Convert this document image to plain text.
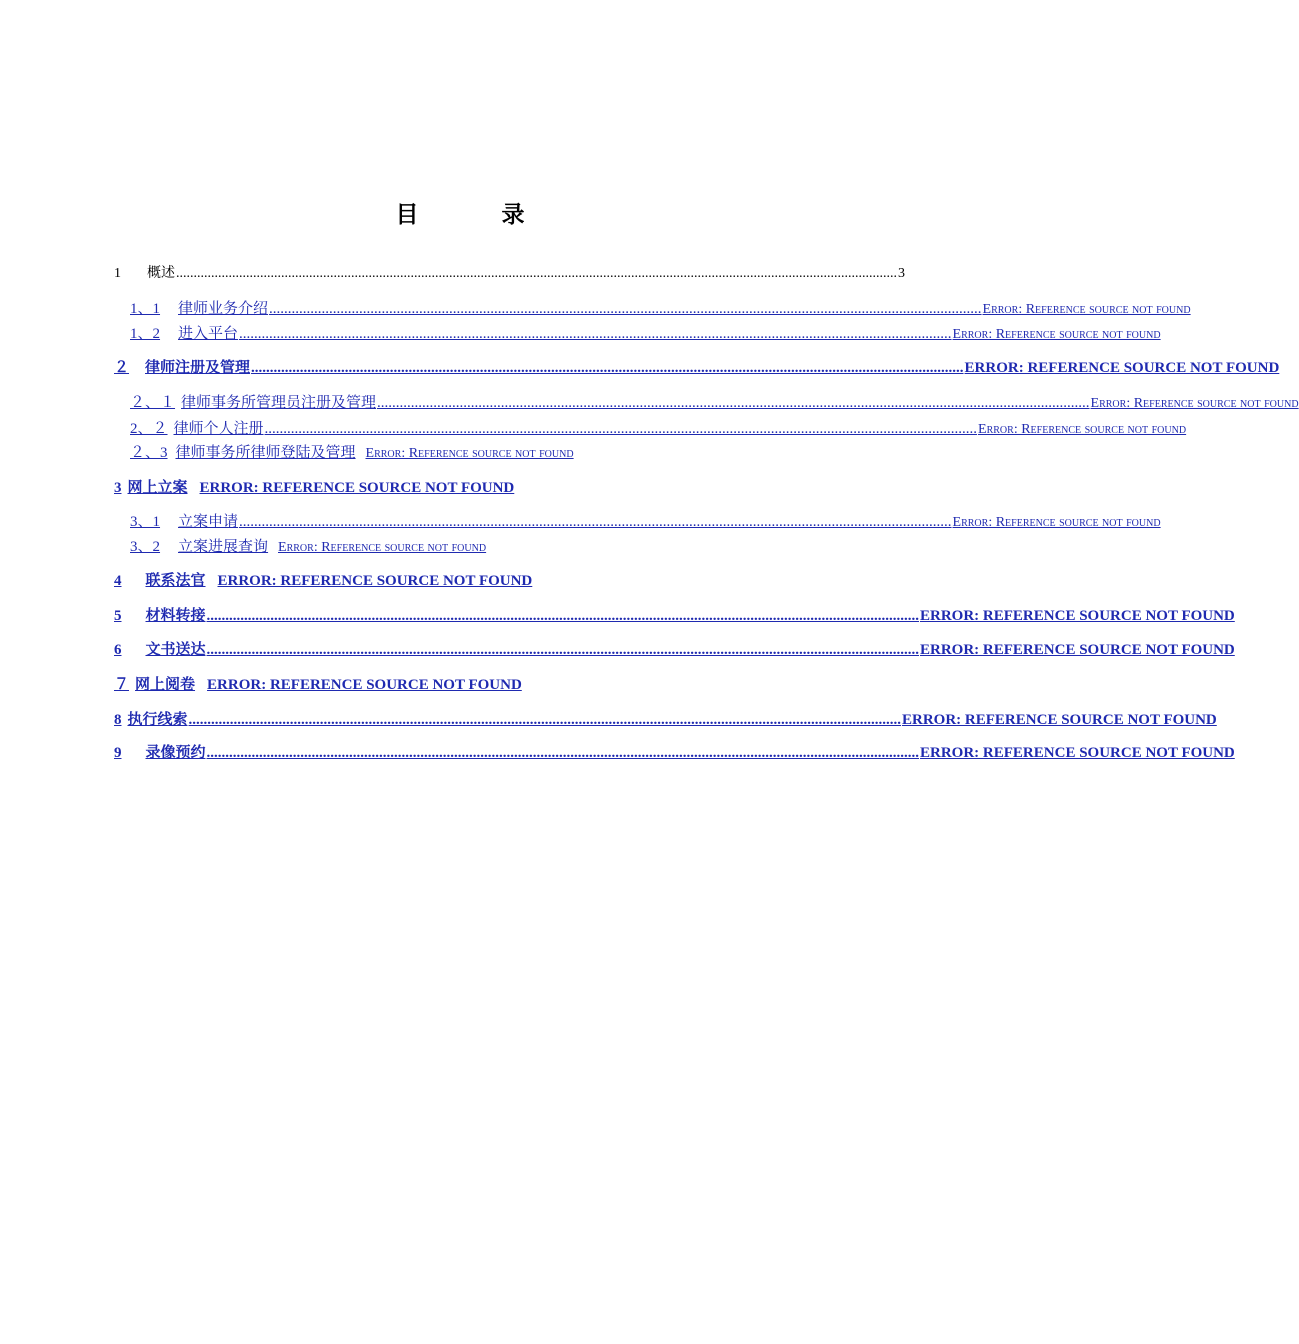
目　录
1 概述 .............................................................................................................................................................................................................. 3
1、1 律师业务介绍 .............................................................................................................................................................................................. Error: Reference source not found
1、2 进入平台 .............................................................................................................................................................................................. Error: Reference source not found
２ 律师注册及管理 .............................................................................................................................................................................................. ERROR: REFERENCE SOURCE NOT FOUND
２、１ 律师事务所管理员注册及管理 .............................................................................................................................................................................................. Error: Reference source not found
2、２ 律师个人注册 .............................................................................................................................................................................................. Error: Reference source not found
２、3 律师事务所律师登陆及管理 Error: Reference source not found
3 网上立案 ERROR: REFERENCE SOURCE NOT FOUND
3、1 立案申请 .............................................................................................................................................................................................. Error: Reference source not found
3、2 立案进展查询 Error: Reference source not found
4 联系法官 ERROR: REFERENCE SOURCE NOT FOUND
5 材料转接 .............................................................................................................................................................................................. ERROR: REFERENCE SOURCE NOT FOUND
6 文书送达 .............................................................................................................................................................................................. ERROR: REFERENCE SOURCE NOT FOUND
７ 网上阅卷 ERROR: REFERENCE SOURCE NOT FOUND
8 执行线索 .............................................................................................................................................................................................. ERROR: REFERENCE SOURCE NOT FOUND
9 录像预约 .............................................................................................................................................................................................. ERROR: REFERENCE SOURCE NOT FOUND
